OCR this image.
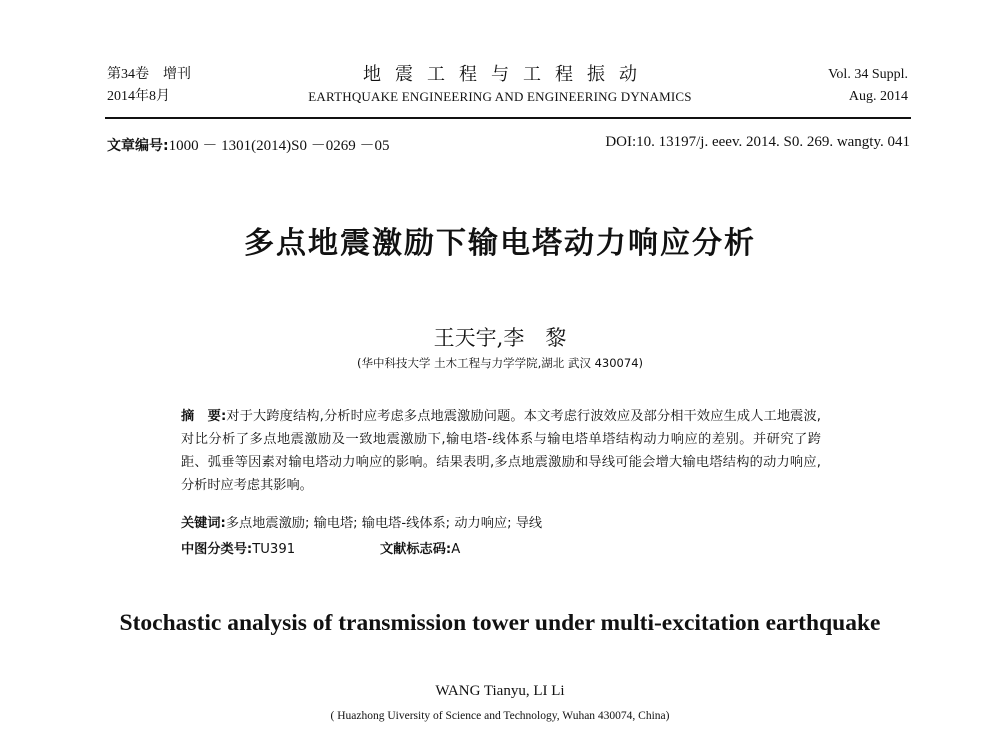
第34卷　增刊
2014年8月
地震工程与工程振动
EARTHQUAKE ENGINEERING AND ENGINEERING DYNAMICS
Vol. 34 Suppl.
Aug. 2014
文章编号:1000 － 1301(2014)S0 －0269 －05	DOI:10. 13197/j. eeev. 2014. S0. 269. wangty. 041
多点地震激励下输电塔动力响应分析
王天宇,李　黎
(华中科技大学 土木工程与力学学院,湖北 武汉 430074)
摘　要:对于大跨度结构,分析时应考虑多点地震激励问题。本文考虑行波效应及部分相干效应生成人工地震波,对比分析了多点地震激励及一致地震激励下,输电塔-线体系与输电塔单塔结构动力响应的差别。并研究了跨距、弧垂等因素对输电塔动力响应的影响。结果表明,多点地震激励和导线可能会增大输电塔结构的动力响应,分析时应考虑其影响。
关键词:多点地震激励; 输电塔; 输电塔-线体系; 动力响应; 导线
中图分类号:TU391	文献标志码:A
Stochastic analysis of transmission tower under multi-excitation earthquake
WANG Tianyu, LI Li
( Huazhong Uiversity of Science and Technology, Wuhan 430074, China)
